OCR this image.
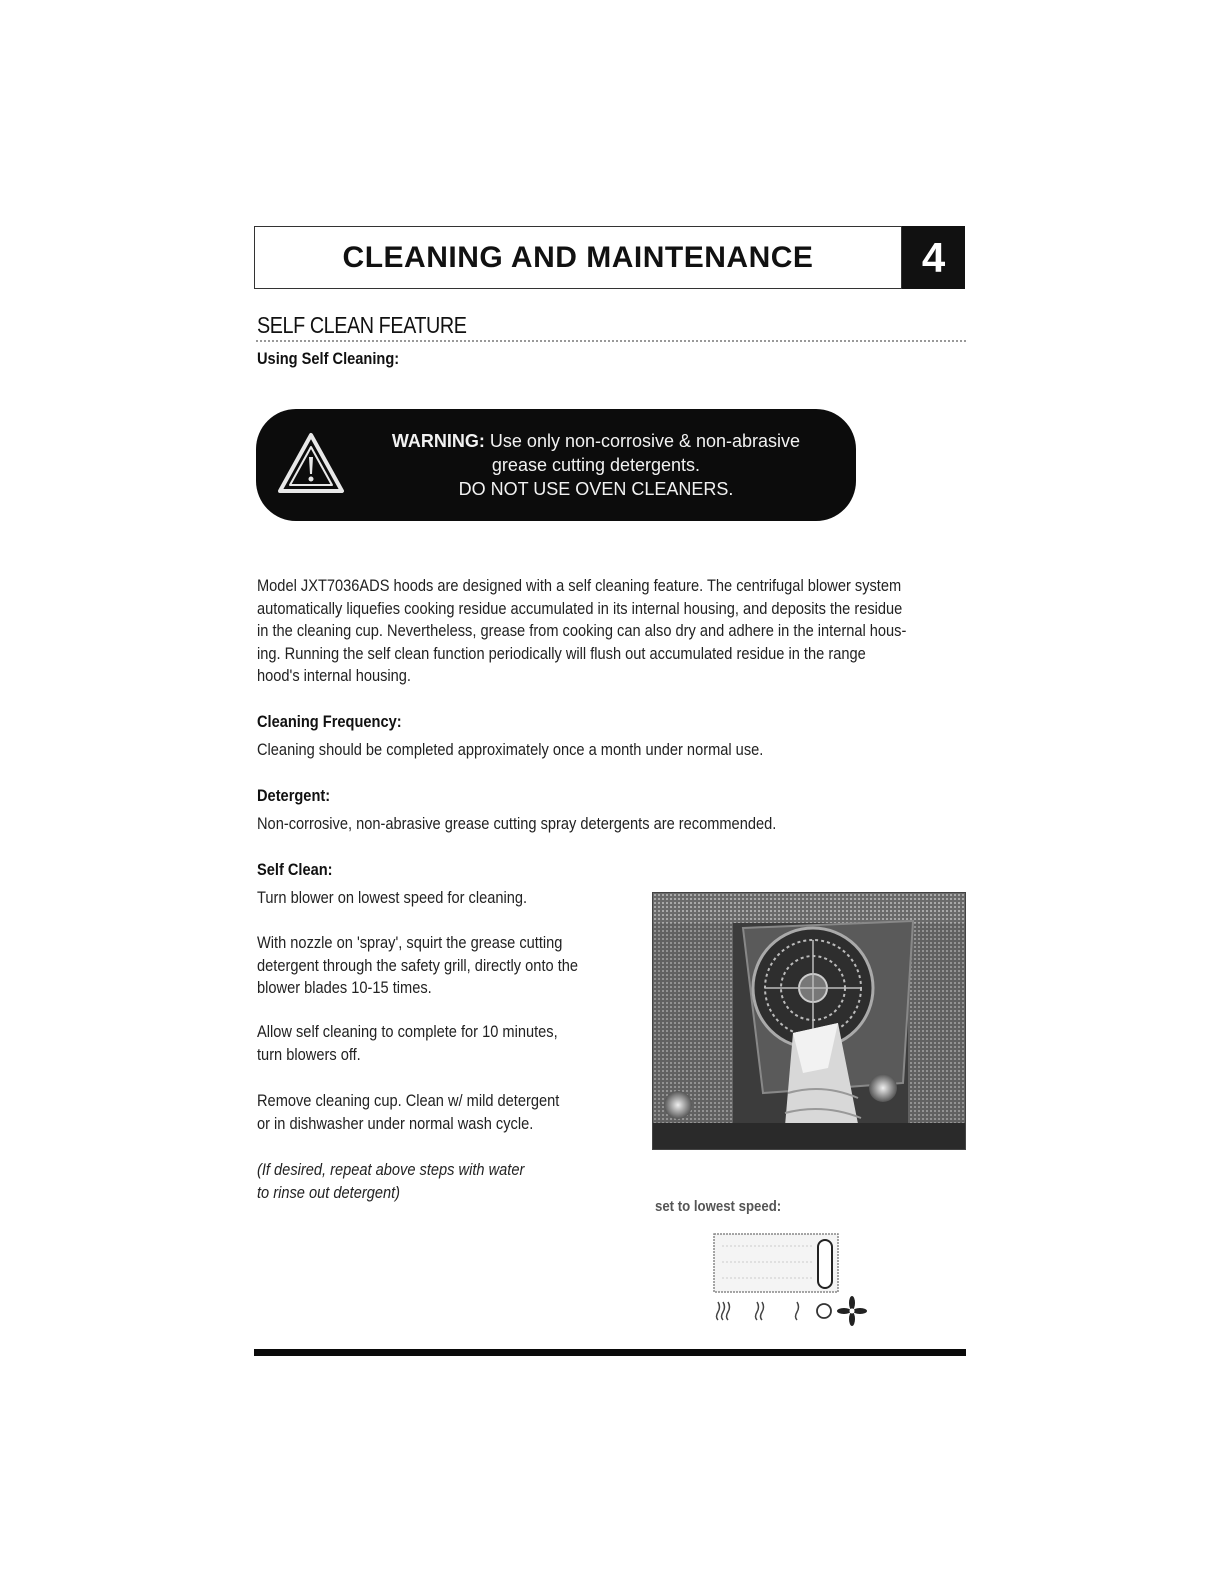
CLEANING AND MAINTENANCE	4
SELF CLEAN FEATURE
Using Self Cleaning:
WARNING: Use only non-corrosive & non-abrasive
grease cutting detergents.
DO NOT USE OVEN CLEANERS.
Model JXT7036ADS hoods are designed with a self cleaning feature. The centrifugal blower system
automatically liquefies cooking residue accumulated in its internal housing, and deposits the residue
in the cleaning cup. Nevertheless, grease from cooking can also dry and adhere in the internal hous-
ing. Running the self clean function periodically will flush out accumulated residue in the range
hood's internal housing.
Cleaning Frequency:
Cleaning should be completed approximately once a month under normal use.
Detergent:
Non-corrosive, non-abrasive grease cutting spray detergents are recommended.
Self Clean:
Turn blower on lowest speed for cleaning.
With nozzle on 'spray', squirt the grease cutting
detergent through the safety grill, directly onto the
blower blades 10-15 times.
Allow self cleaning to complete for 10 minutes,
turn blowers off.
Remove cleaning cup. Clean w/ mild detergent
or in dishwasher under normal wash cycle.
(If desired, repeat above steps with water
to rinse out detergent)
set to lowest speed:
